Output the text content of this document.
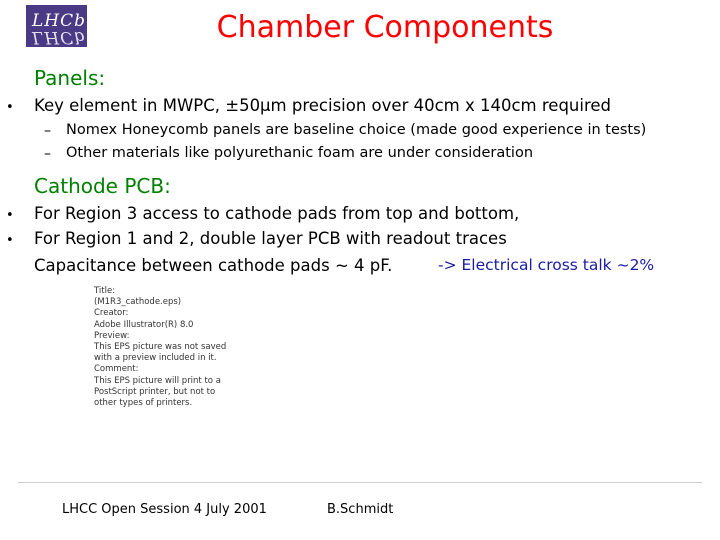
LHCb
LHCb	Chamber Components
Panels:
• Key element in MWPC, ±50μm precision over 40cm x 140cm required
– Nomex Honeycomb panels are baseline choice (made good experience in tests)
– Other materials like polyurethanic foam are under consideration
Cathode PCB:
• For Region 3 access to cathode pads from top and bottom,
• For Region 1 and 2, double layer PCB with readout traces
Capacitance between cathode pads ~ 4 pF.	-> Electrical cross talk ~2%
Title:
(M1R3_cathode.eps)
Creator:
Adobe Illustrator(R) 8.0
Preview:
This EPS picture was not saved
with a preview included in it.
Comment:
This EPS picture will print to a
PostScript printer, but not to
other types of printers.
LHCC Open Session 4 July 2001	B.Schmidt
